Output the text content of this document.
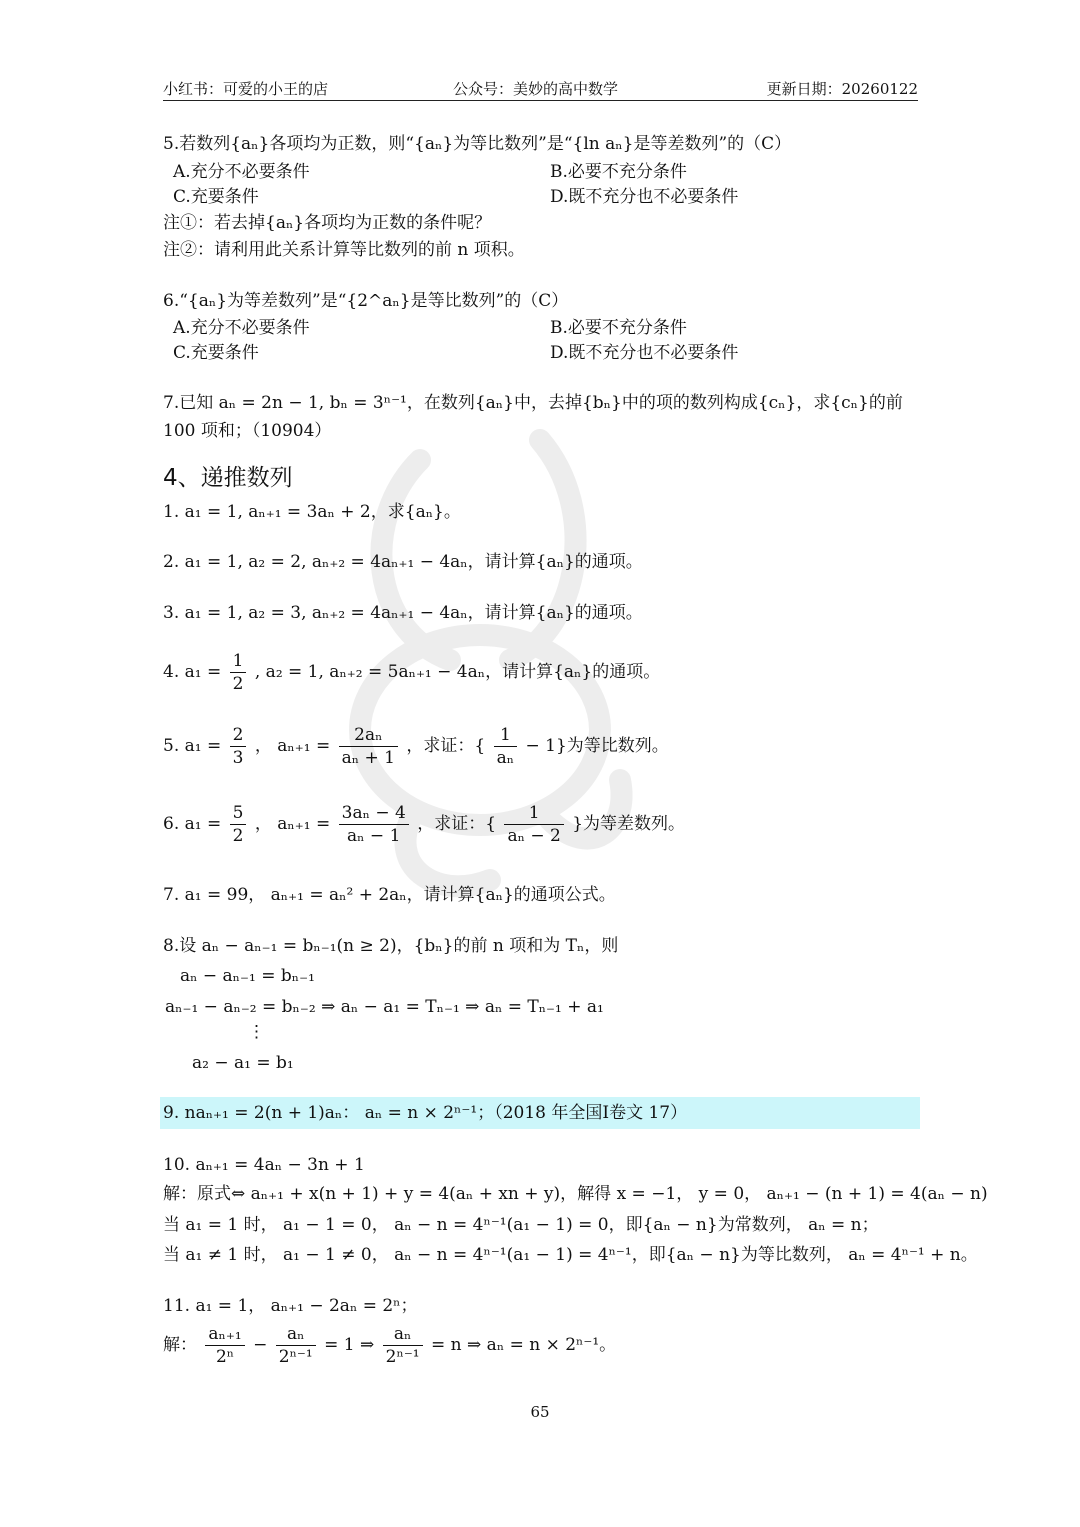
小红书：可爱的小王的店	公众号：美妙的高中数学	更新日期：20260122
5.若数列{aₙ}各项均为正数，则“{aₙ}为等比数列”是“{ln aₙ}是等差数列”的（C）
A.充分不必要条件	B.必要不充分条件
C.充要条件	D.既不充分也不必要条件
注①：若去掉{aₙ}各项均为正数的条件呢？
注②：请利用此关系计算等比数列的前 n 项积。
6.“{aₙ}为等差数列”是“{2^aₙ}是等比数列”的（C）
A.充分不必要条件	B.必要不充分条件
C.充要条件	D.既不充分也不必要条件
7.已知 aₙ = 2n − 1, bₙ = 3ⁿ⁻¹，在数列{aₙ}中，去掉{bₙ}中的项的数列构成{cₙ}，求{cₙ}的前
100 项和；（10904）
4、递推数列
1. a₁ = 1, aₙ₊₁ = 3aₙ + 2，求{aₙ}。
2. a₁ = 1, a₂ = 2, aₙ₊₂ = 4aₙ₊₁ − 4aₙ，请计算{aₙ}的通项。
3. a₁ = 1, a₂ = 3, aₙ₊₂ = 4aₙ₊₁ − 4aₙ，请计算{aₙ}的通项。
4. $a_1 = \frac{1}{2}$ , a₂ = 1, aₙ₊₂ = 5aₙ₊₁ − 4aₙ，请计算{aₙ}的通项。
5. $a_1 = \frac{2}{3}$ ， $a_{n+1} = \frac{\text{2aₙ}}{\text{aₙ + 1}}$ ，求证：{ $\frac{1}{\text{aₙ}} - 1$}为等比数列。
6. $a_1 = \frac{5}{2}$ ， $a_{n+1} = \frac{\text{3aₙ − 4}}{\text{aₙ − 1}}$ ，求证：{ $\frac{1}{\text{aₙ − 2}}$ }为等差数列。
7. a₁ = 99， aₙ₊₁ = aₙ² + 2aₙ，请计算{aₙ}的通项公式。
8.设 aₙ − aₙ₋₁ = bₙ₋₁(n ≥ 2)，{bₙ}的前 n 项和为 Tₙ，则
aₙ − aₙ₋₁ = bₙ₋₁
aₙ₋₁ − aₙ₋₂ = bₙ₋₂ ⇒ aₙ − a₁ = Tₙ₋₁ ⇒ aₙ = Tₙ₋₁ + a₁
⋮
a₂ − a₁ = b₁
9. naₙ₊₁ = 2(n + 1)aₙ： aₙ = n × 2ⁿ⁻¹；（2018 年全国Ⅰ卷文 17）
10. aₙ₊₁ = 4aₙ − 3n + 1
解：原式⇔ aₙ₊₁ + x(n + 1) + y = 4(aₙ + xn + y)，解得 x = −1， y = 0， aₙ₊₁ − (n + 1) = 4(aₙ − n)
当 a₁ = 1 时， a₁ − 1 = 0， aₙ − n = 4ⁿ⁻¹(a₁ − 1) = 0，即{aₙ − n}为常数列， aₙ = n；
当 a₁ ≠ 1 时， a₁ − 1 ≠ 0， aₙ − n = 4ⁿ⁻¹(a₁ − 1) = 4ⁿ⁻¹，即{aₙ − n}为等比数列， aₙ = 4ⁿ⁻¹ + n。
11. a₁ = 1， aₙ₊₁ − 2aₙ = 2ⁿ；
解： $\frac{\text{aₙ₊₁}}{\text{2ⁿ}} - \frac{\text{aₙ}}{\text{2ⁿ⁻¹}} = 1$ ⇒ $\frac{\text{aₙ}}{\text{2ⁿ⁻¹}} = n$ ⇒ aₙ = n × 2ⁿ⁻¹。
65
